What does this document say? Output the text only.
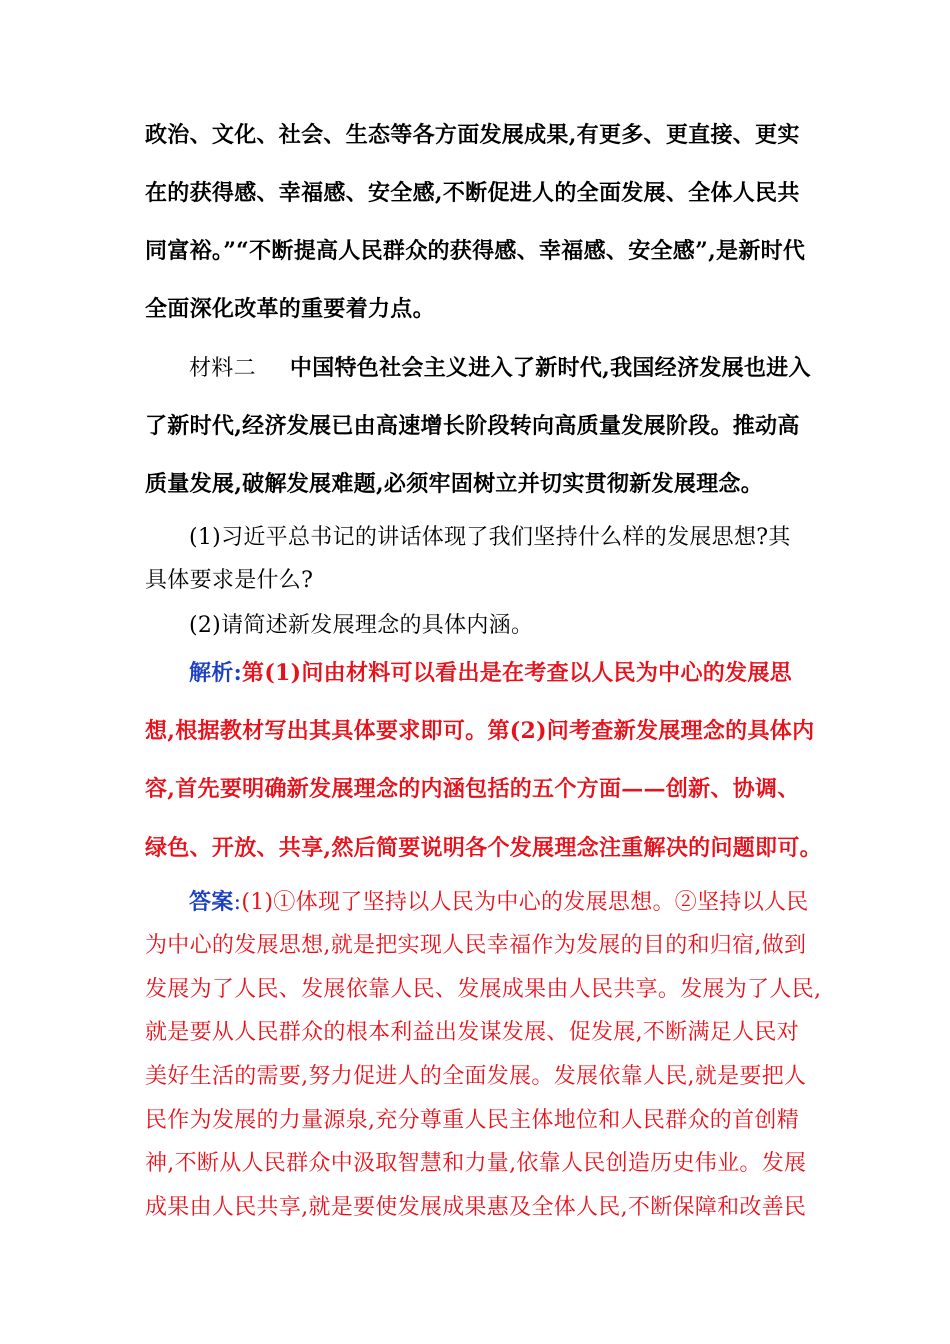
政治、文化、社会、生态等各方面发展成果,有更多、更直接、更实
在的获得感、幸福感、安全感,不断促进人的全面发展、全体人民共
同富裕。”“不断提高人民群众的获得感、幸福感、安全感”,是新时代
全面深化改革的重要着力点。
材料二 中国特色社会主义进入了新时代,我国经济发展也进入
了新时代,经济发展已由高速增长阶段转向高质量发展阶段。推动高
质量发展,破解发展难题,必须牢固树立并切实贯彻新发展理念。
(1)习近平总书记的讲话体现了我们坚持什么样的发展思想?其
具体要求是什么?
(2)请简述新发展理念的具体内涵。
解析:第(1)问由材料可以看出是在考查以人民为中心的发展思
想,根据教材写出其具体要求即可。第(2)问考查新发展理念的具体内
容,首先要明确新发展理念的内涵包括的五个方面——创新、协调、
绿色、开放、共享,然后简要说明各个发展理念注重解决的问题即可。
答案:(1)①体现了坚持以人民为中心的发展思想。②坚持以人民
为中心的发展思想,就是把实现人民幸福作为发展的目的和归宿,做到
发展为了人民、发展依靠人民、发展成果由人民共享。发展为了人民,
就是要从人民群众的根本利益出发谋发展、促发展,不断满足人民对
美好生活的需要,努力促进人的全面发展。发展依靠人民,就是要把人
民作为发展的力量源泉,充分尊重人民主体地位和人民群众的首创精
神,不断从人民群众中汲取智慧和力量,依靠人民创造历史伟业。发展
成果由人民共享,就是要使发展成果惠及全体人民,不断保障和改善民
